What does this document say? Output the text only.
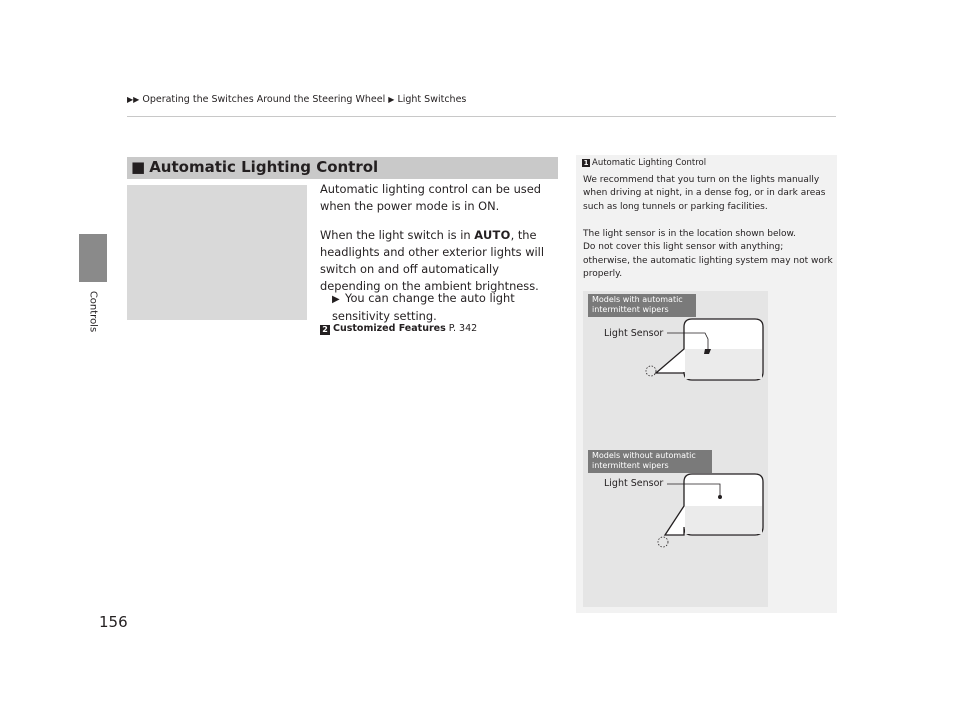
▶▶ Operating the Switches Around the Steering Wheel ▶ Light Switches
Controls
156
■ Automatic Lighting Control
Automatic lighting control can be used when the power mode is in ON.
When the light switch is in AUTO, the headlights and other exterior lights will switch on and off automatically depending on the ambient brightness.
▶ You can change the auto light sensitivity setting.
2 Customized Features P. 342
1 Automatic Lighting Control
We recommend that you turn on the lights manually when driving at night, in a dense fog, or in dark areas such as long tunnels or parking facilities.
The light sensor is in the location shown below.
Do not cover this light sensor with anything; otherwise, the automatic lighting system may not work properly.
Models with automatic
intermittent wipers
Light Sensor
Models without automatic
intermittent wipers
Light Sensor
